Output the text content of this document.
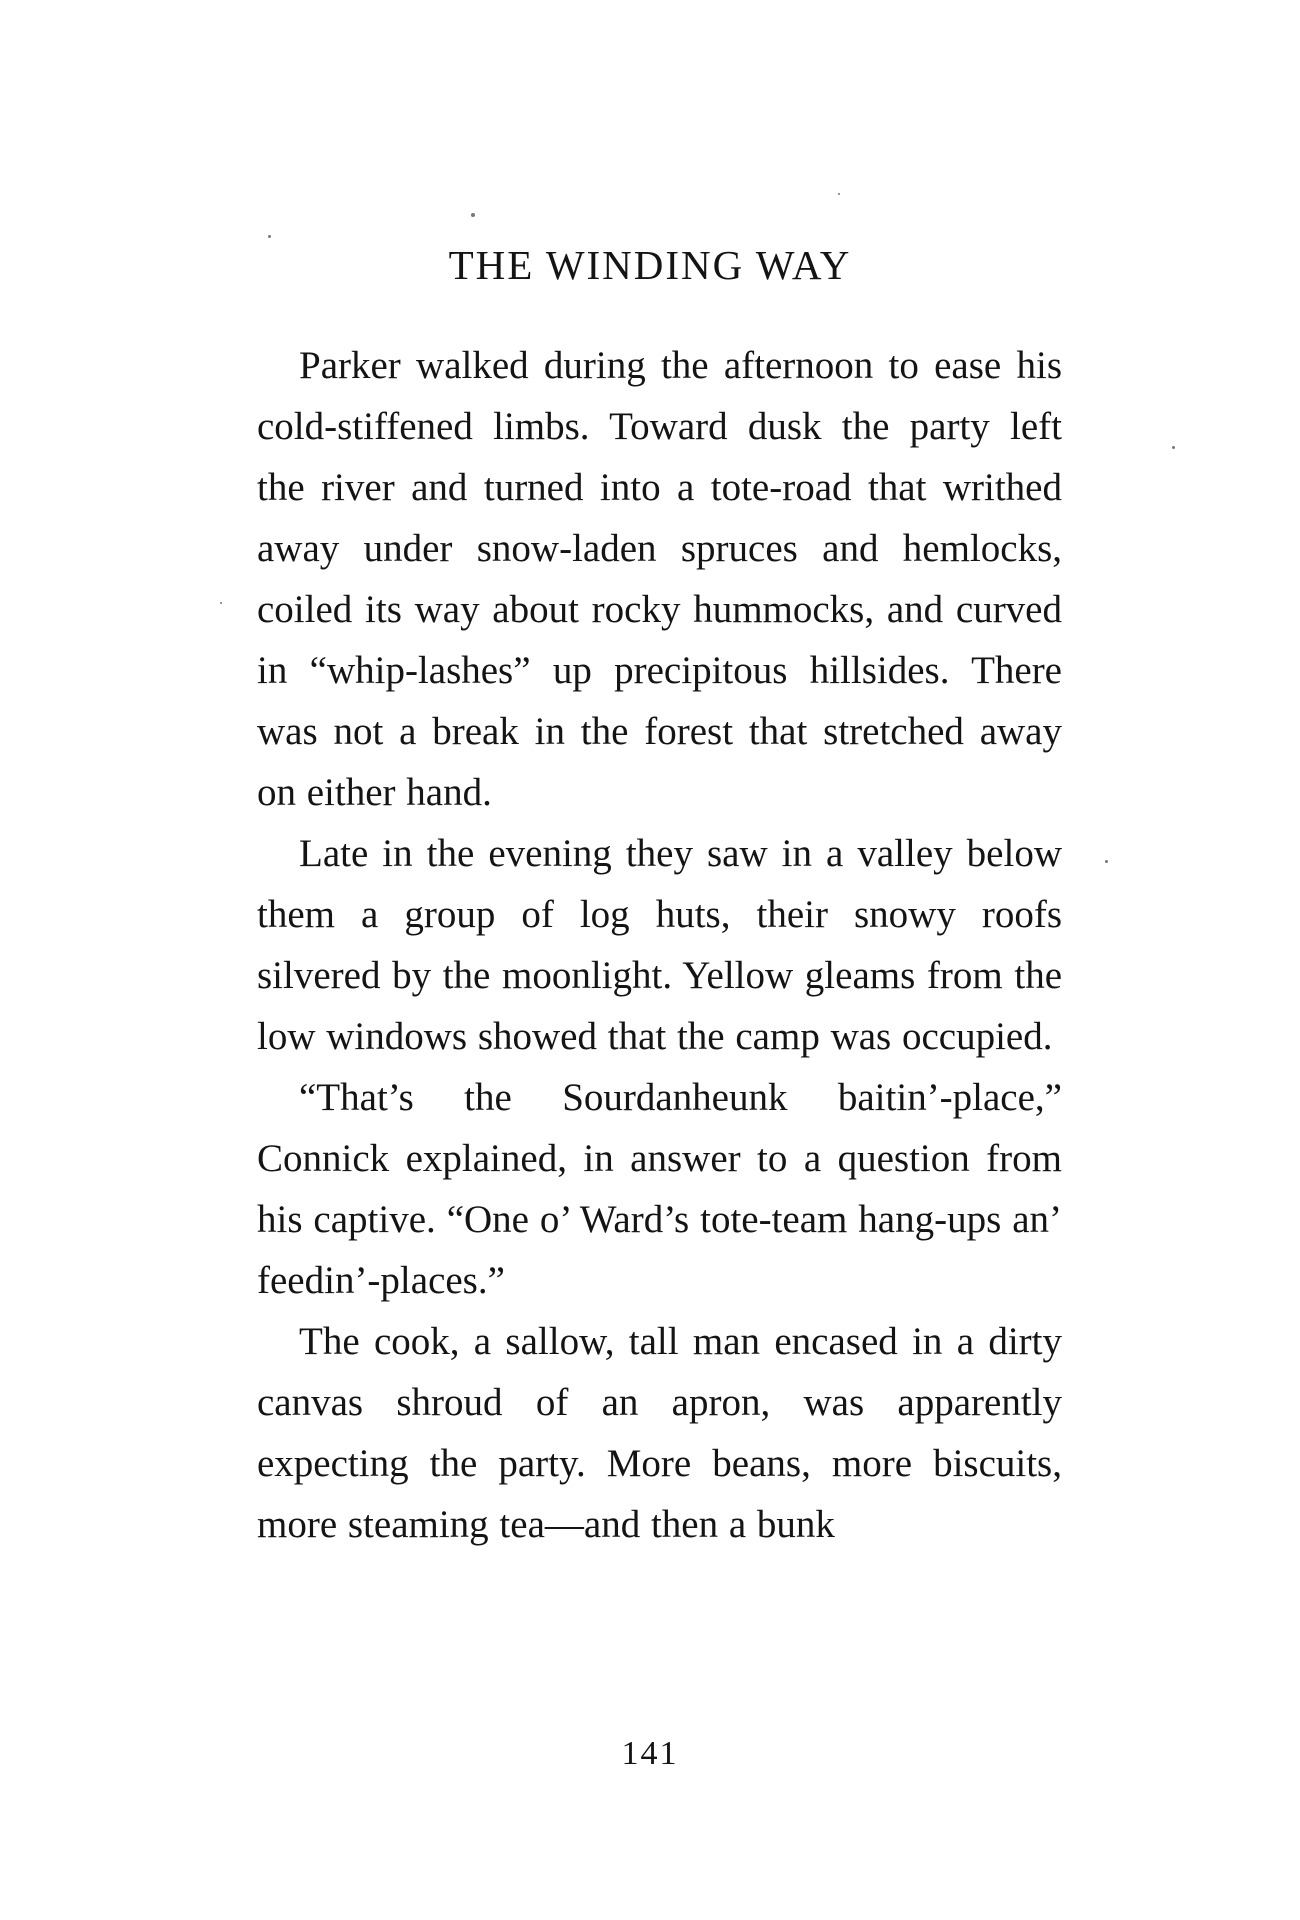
THE WINDING WAY

Parker walked during the afternoon to ease his cold-stiffened limbs. Toward dusk the party left the river and turned into a tote-road that writhed away under snow-laden spruces and hemlocks, coiled its way about rocky hummocks, and curved in “whip-lashes” up precipitous hillsides. There was not a break in the forest that stretched away on either hand.

Late in the evening they saw in a valley below them a group of log huts, their snowy roofs silvered by the moonlight. Yellow gleams from the low windows showed that the camp was occupied.

“That’s the Sourdanheunk baitin’-place,” Connick explained, in answer to a question from his captive. “One o’ Ward’s tote-team hang-ups an’ feedin’-places.”

The cook, a sallow, tall man encased in a dirty canvas shroud of an apron, was apparently expecting the party. More beans, more biscuits, more steaming tea—and then a bunk

141
